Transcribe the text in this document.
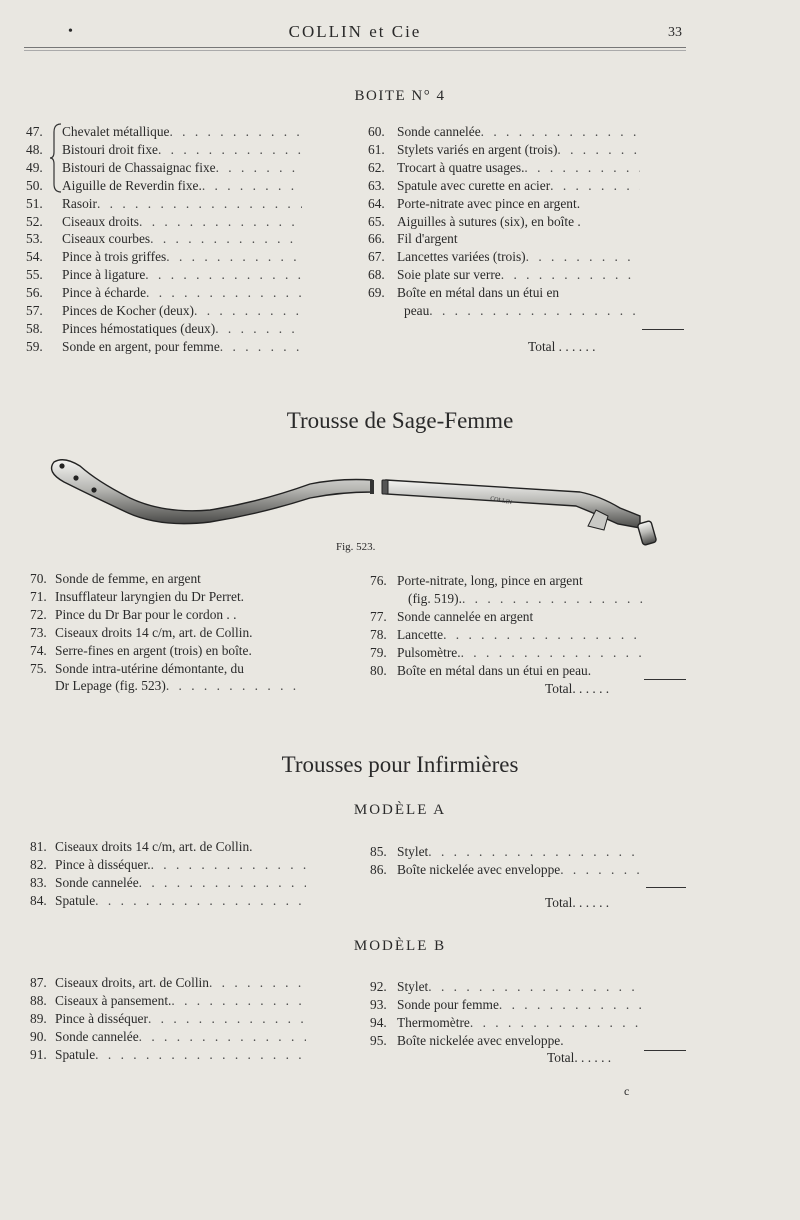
•	COLLIN et Cie	33
BOITE N° 4
47.	Chevalet métallique
. . .
48.	Bistouri droit fixe
. . .
49.	Bistouri de Chassaignac fixe
. . .
50.	Aiguille de Reverdin fixe.
. . .
51.	Rasoir
. . .
52.	Ciseaux droits
. . .
53.	Ciseaux courbes
. . .
54.	Pince à trois griffes
. . .
55.	Pince à ligature
. . .
56.	Pince à écharde
. . .
57.	Pinces de Kocher (deux)
. . .
58.	Pinces hémostatiques (deux)
. . .
59.	Sonde en argent, pour femme
. . .
60. Sonde cannelée
. . .
61. Stylets variés en argent (trois)
. . .
62. Trocart à quatre usages.
. . .
63. Spatule avec curette en acier
. . .
64. Porte-nitrate avec pince en argent.
65. Aiguilles à sutures (six), en boîte .
66. Fil d'argent
67. Lancettes variées (trois)
. . .
68. Soie plate sur verre
. . .
69. Boîte en métal dans un étui en
peau
. . .
Total . . . . . .
Trousse de Sage-Femme
COLLIN
Fig. 523.
70. Sonde de femme, en argent
71. Insufflateur laryngien du Dr Perret.
72. Pince du Dr Bar pour le cordon . .
73. Ciseaux droits 14 c/m, art. de Collin.
74. Serre-fines en argent (trois) en boîte.
75. Sonde intra-utérine démontante, du
Dr Lepage (fig. 523)
. . .
76. Porte-nitrate, long, pince en argent
(fig. 519).
. . .
77. Sonde cannelée en argent
78. Lancette
. . .
79. Pulsomètre.
. . .
80. Boîte en métal dans un étui en peau.
Total. . . . . .
Trousses pour Infirmières
MODÈLE A
81. Ciseaux droits 14 c/m, art. de Collin.
82. Pince à disséquer.
. . .
83. Sonde cannelée
. . .
84. Spatule
. . .
85. Stylet
. . .
86. Boîte nickelée avec enveloppe
. . .
Total. . . . . .
MODÈLE B
87. Ciseaux droits, art. de Collin
. . .
88. Ciseaux à pansement.
. . .
89. Pince à disséquer
. . .
90. Sonde cannelée
. . .
91. Spatule
. . .
92. Stylet
. . .
93. Sonde pour femme
. . .
94. Thermomètre
. . .
95. Boîte nickelée avec enveloppe.
Total. . . . . .
c
